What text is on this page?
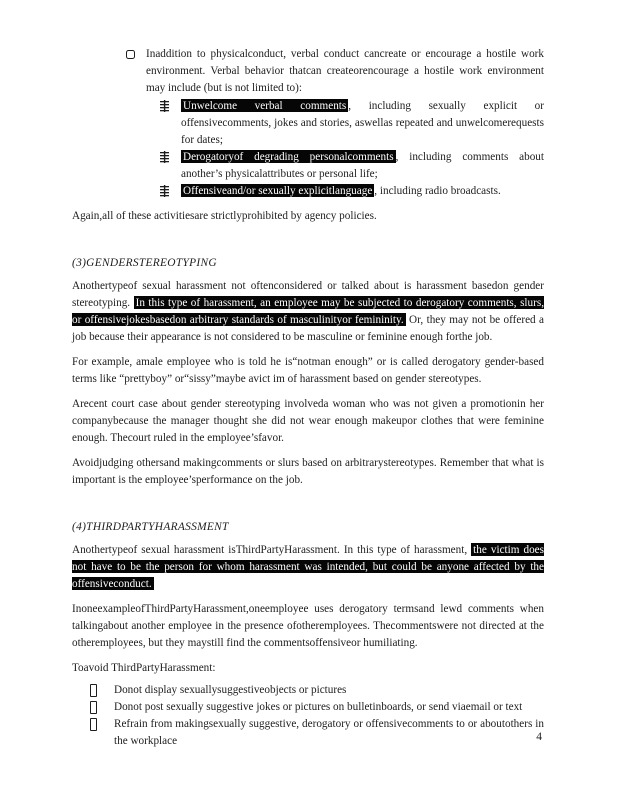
Inaddition to physicalconduct, verbal conduct cancreate or encourage a hostile work environment. Verbal behavior thatcan createorencourage a hostile work environment may include (but is not limited to):
Unwelcome verbal comments , including sexually explicit or offensivecomments, jokes and stories, aswellas repeated and unwelcomerequests for dates;
Derogatoryof degrading personalcomments , including comments about another’s physicalattributes or personal life;
Offensiveand/or sexually explicitlanguage , including radio broadcasts.

Again,all of these activitiesare strictlyprohibited by agency policies.

(3)GENDERSTEREOTYPING

Anothertypeof sexual harassment not oftenconsidered or talked about is harassment basedon gender stereotyping. In this type of harassment, an employee may be subjected to derogatory comments, slurs, or offensivejokesbasedon arbitrary standards of masculinityor femininity. Or, they may not be offered a job because their appearance is not considered to be masculine or feminine enough forthe job.

For example, amale employee who is told he is“notman enough” or is called derogatory gender-based terms like “prettyboy” or“sissy”maybe avict im of harassment based on gender stereotypes.

Arecent court case about gender stereotyping involveda woman who was not given a promotionin her companybecause the manager thought she did not wear enough makeupor clothes that were feminine enough. Thecourt ruled in the employee’sfavor.

Avoidjudging othersand makingcomments or slurs based on arbitrarystereotypes. Remember that what is important is the employee’sperformance on the job.

(4)THIRDPARTYHARASSMENT

Anothertypeof sexual harassment isThirdPartyHarassment. In this type of harassment, the victim does not have to be the person for whom harassment was intended, but could be anyone affected by the offensiveconduct.

InoneexampleofThirdPartyHarassment,oneemployee uses derogatory termsand lewd comments when talkingabout another employee in the presence ofotheremployees. Thecommentswere not directed at the otheremployees, but they maystill find the commentsoffensiveor humiliating.

Toavoid ThirdPartyHarassment:

Donot display sexuallysuggestiveobjects or pictures
Donot post sexually suggestive jokes or pictures on bulletinboards, or send viaemail or text
Refrain from makingsexually suggestive, derogatory or offensivecomments to or aboutothers in the workplace	4
